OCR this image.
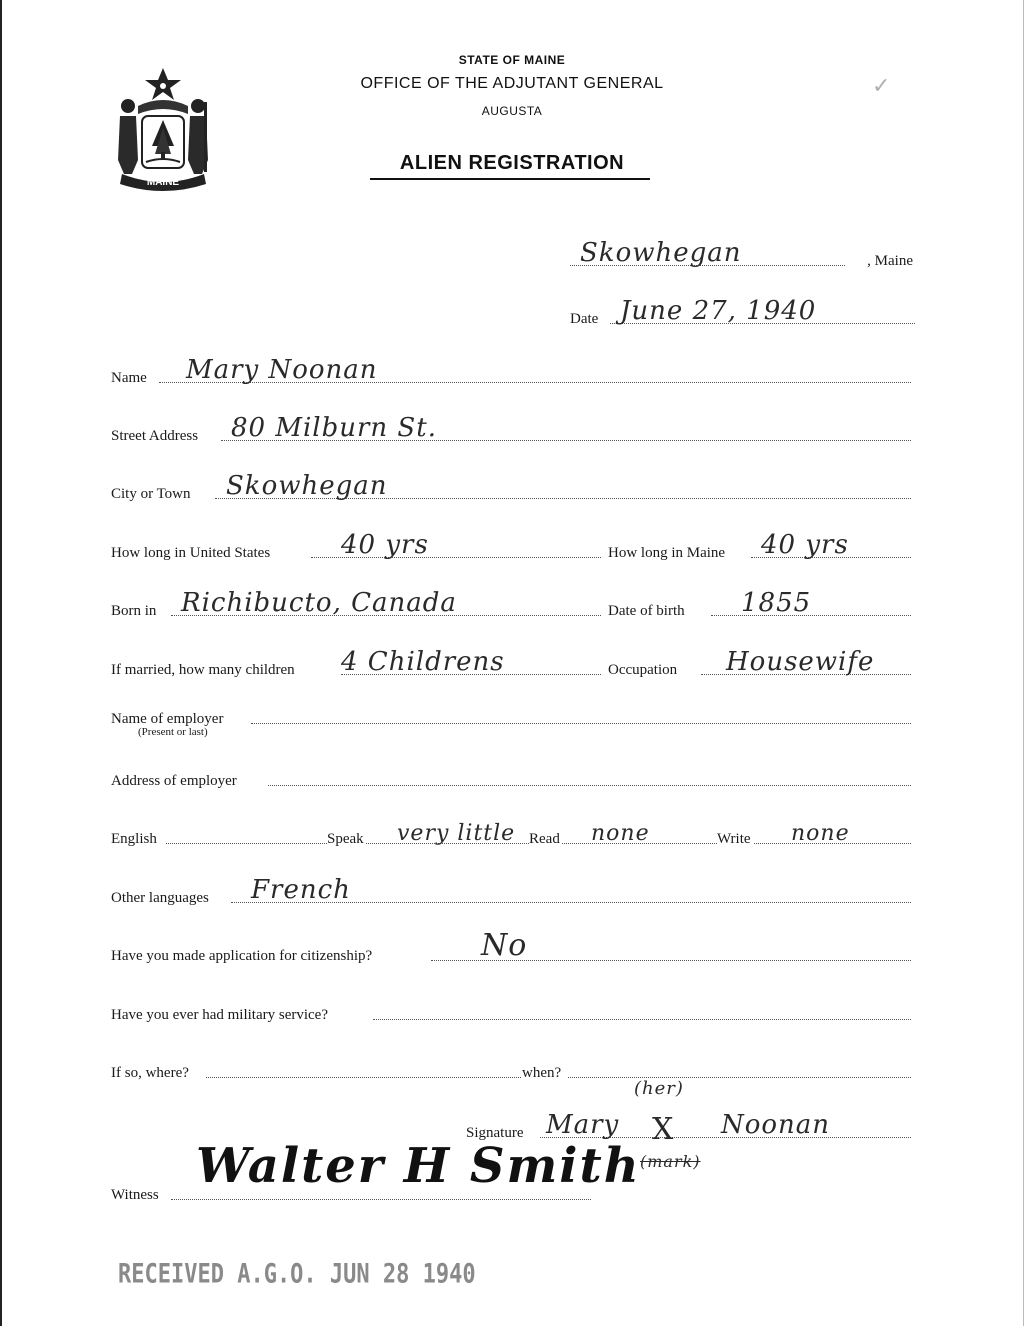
MAINE
STATE OF MAINE
OFFICE OF THE ADJUTANT GENERAL
AUGUSTA
ALIEN REGISTRATION
✓
Skowhegan	, Maine
Date June 27, 1940
Name Mary Noonan
Street Address 80 Milburn St.
City or Town Skowhegan
How long in United States	40 yrs	How long in Maine 40 yrs
Born in Richibucto, Canada	Date of birth 1855
If married, how many children 4 Childrens	Occupation Housewife
Name of employer
(Present or last)
Address of employer
English	Speak very little Read none	Write none
Other languages French
Have you made application for citizenship?	No
Have you ever had military service?
If so, where?	when?
Signature Mary	Noonan
(her)
X
(mark)
Witness
Walter H Smith
RECEIVED A.G.O. JUN 28 1940
